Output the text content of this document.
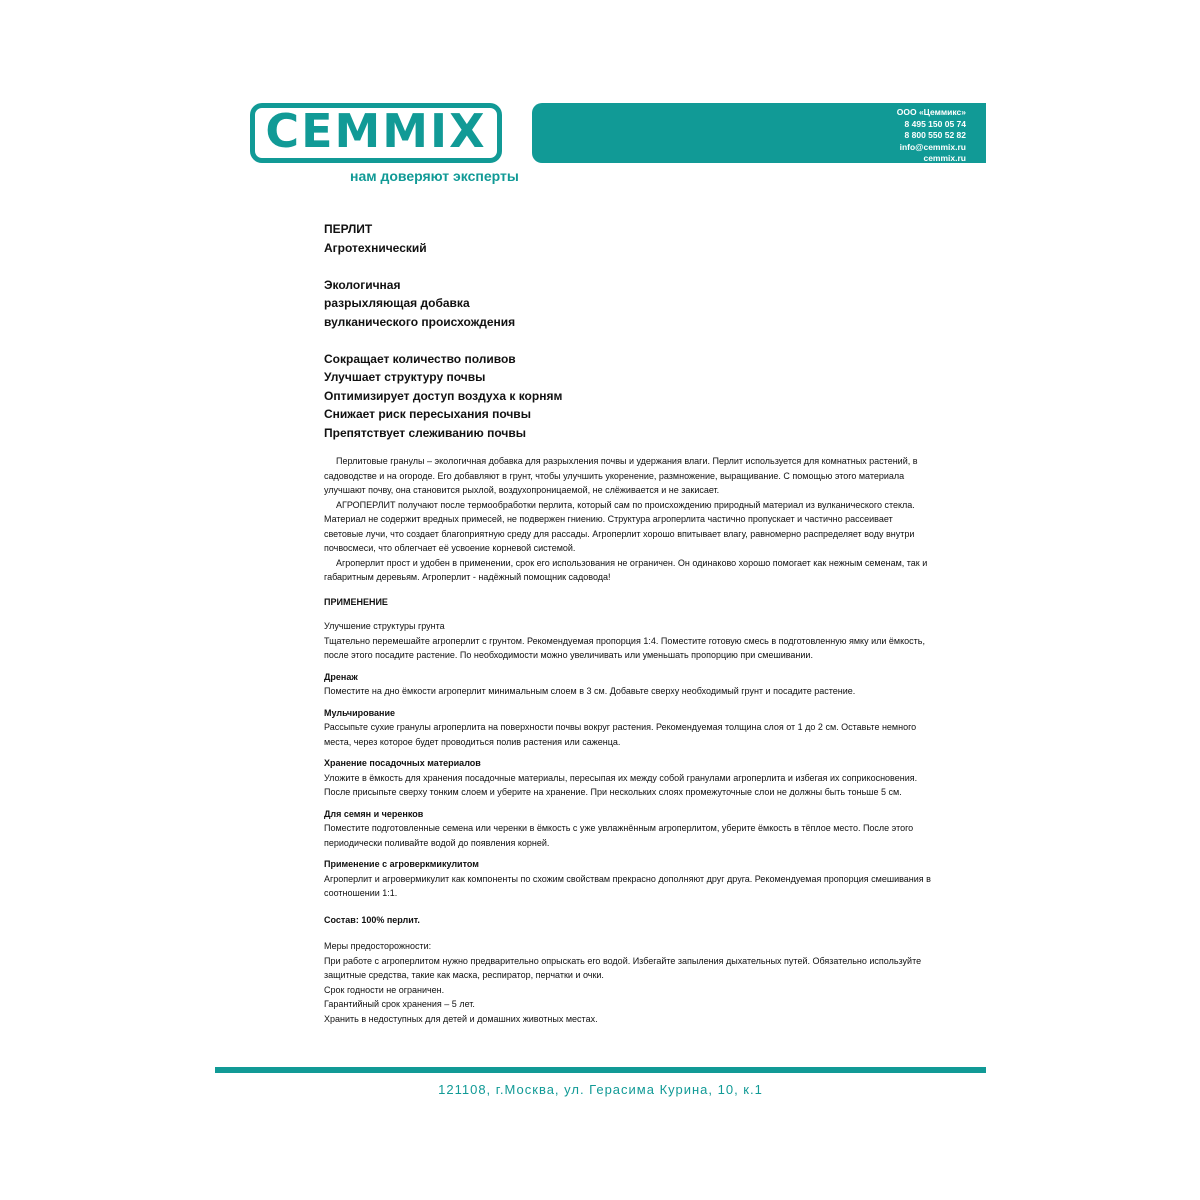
CEMMIX
нам доверяют эксперты
ООО «Цеммикс»
8 495 150 05 74
8 800 550 52 82
info@cemmix.ru
cemmix.ru
ПЕРЛИТ
Агротехнический
Экологичная
разрыхляющая добавка
вулканического происхождения
Сокращает количество поливов
Улучшает структуру почвы
Оптимизирует доступ воздуха к корням
Снижает риск пересыхания почвы
Препятствует слеживанию почвы

Перлитовые гранулы – экологичная добавка для разрыхления почвы и удержания влаги. Перлит используется для комнатных растений, в садоводстве и на огороде. Его добавляют в грунт, чтобы улучшить укоренение, размножение, выращивание. С помощью этого материала улучшают почву, она становится рыхлой, воздухопроницаемой, не слёживается и не закисает.

АГРОПЕРЛИТ получают после термообработки перлита, который сам по происхождению природный материал из вулканического стекла. Материал не содержит вредных примесей, не подвержен гниению. Структура агроперлита частично пропускает и частично рассеивает световые лучи, что создает благоприятную среду для рассады. Агроперлит хорошо впитывает влагу, равномерно распределяет воду внутри почвосмеси, что облегчает её усвоение корневой системой.

Агроперлит прост и удобен в применении, срок его использования не ограничен. Он одинаково хорошо помогает как нежным семенам, так и габаритным деревьям. Агроперлит - надёжный помощник садовода!

ПРИМЕНЕНИЕ

Улучшение структуры грунта

Тщательно перемешайте агроперлит с грунтом. Рекомендуемая пропорция 1:4. Поместите готовую смесь в подготовленную ямку или ёмкость, после этого посадите растение. По необходимости можно увеличивать или уменьшать пропорцию при смешивании.

Дренаж

Поместите на дно ёмкости агроперлит минимальным слоем в 3 см. Добавьте сверху необходимый грунт и посадите растение.

Мульчирование

Рассыпьте сухие гранулы агроперлита на поверхности почвы вокруг растения. Рекомендуемая толщина слоя от 1 до 2 см. Оставьте немного места, через которое будет проводиться полив растения или саженца.

Хранение посадочных материалов

Уложите в ёмкость для хранения посадочные материалы, пересыпая их между собой гранулами агроперлита и избегая их соприкосновения. После присыпьте сверху тонким слоем и уберите на хранение. При нескольких слоях промежуточные слои не должны быть тоньше 5 см.

Для семян и черенков

Поместите подготовленные семена или черенки в ёмкость с уже увлажнённым агроперлитом, уберите ёмкость в тёплое место. После этого периодически поливайте водой до появления корней.

Применение с агроверкмикулитом

Агроперлит и агровермикулит как компоненты по схожим свойствам прекрасно дополняют друг друга. Рекомендуемая пропорция смешивания в соотношении 1:1.

Состав: 100% перлит.

Меры предосторожности:

При работе с агроперлитом нужно предварительно опрыскать его водой. Избегайте запыления дыхательных путей. Обязательно используйте защитные средства, такие как маска, респиратор, перчатки и очки.

Срок годности не ограничен.

Гарантийный срок хранения – 5 лет.

Хранить в недоступных для детей и домашних животных местах.

121108, г.Москва, ул. Герасима Курина, 10, к.1
